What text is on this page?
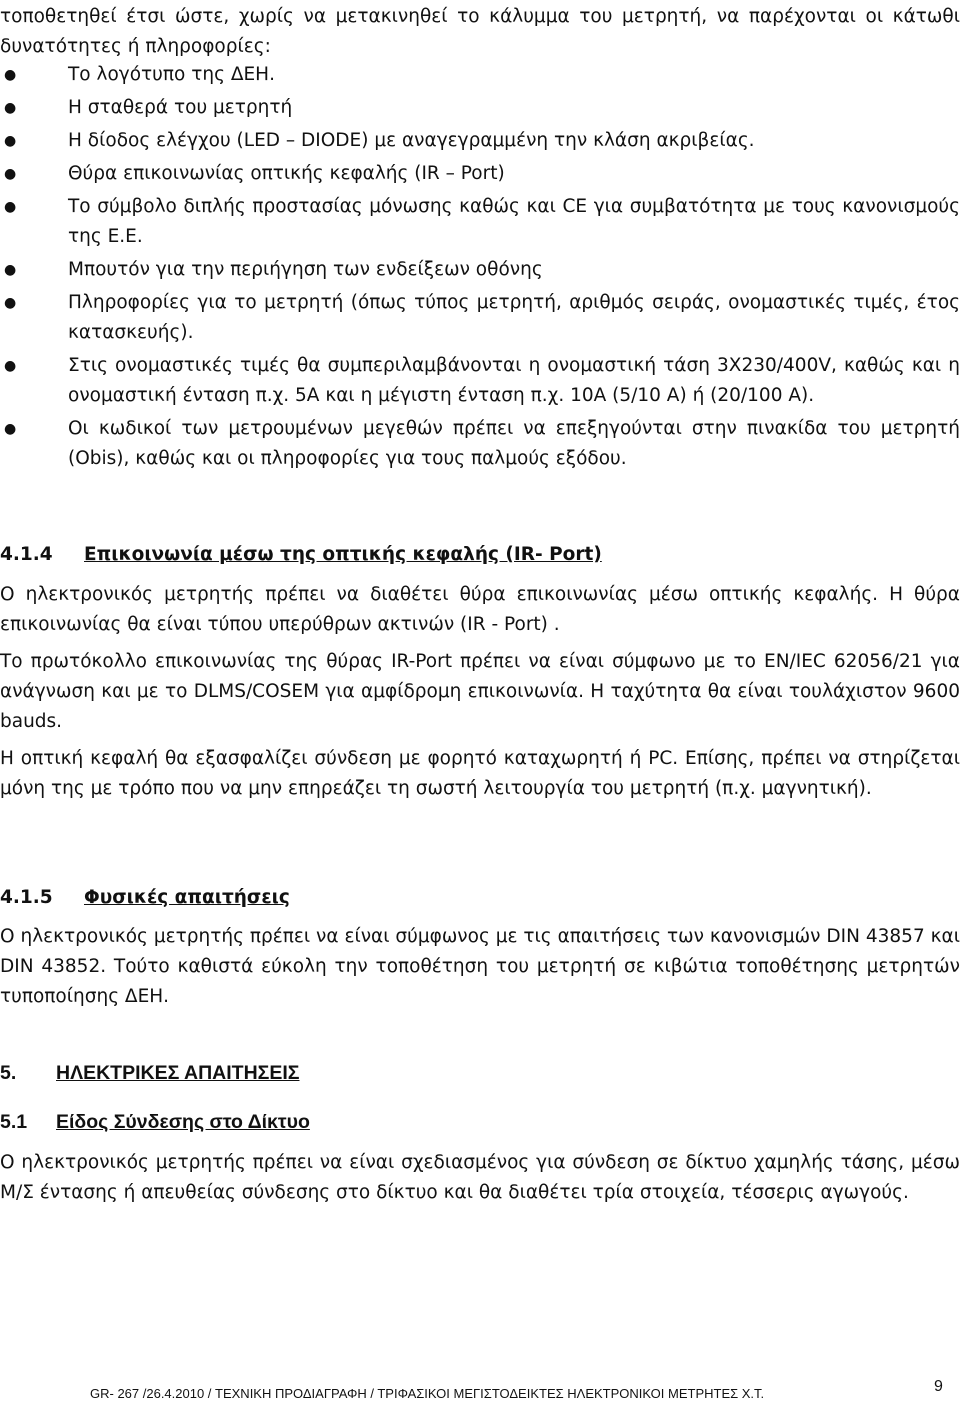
τοποθετηθεί έτσι ώστε, χωρίς να μετακινηθεί το κάλυμμα του μετρητή, να παρέχονται οι κάτωθι δυνατότητες ή πληροφορίες:

●	Το λογότυπο της ΔΕΗ.
●	Η σταθερά του μετρητή
●	Η δίοδος ελέγχου (LED – DIODE) με αναγεγραμμένη την κλάση ακριβείας.
●	Θύρα επικοινωνίας οπτικής κεφαλής (IR – Port)
●	Το σύμβολο διπλής προστασίας μόνωσης καθώς και CE για συμβατότητα με τους κανονισμούς της Ε.Ε.
●	Μπουτόν για την περιήγηση των ενδείξεων οθόνης
●	Πληροφορίες για το μετρητή (όπως τύπος μετρητή, αριθμός σειράς, ονομαστικές τιμές, έτος κατασκευής).
●	Στις ονομαστικές τιμές θα συμπεριλαμβάνονται η ονομαστική τάση 3X230/400V, καθώς και η ονομαστική ένταση π.χ. 5A και η μέγιστη ένταση π.χ. 10A (5/10 A) ή (20/100 A).
●	Οι κωδικοί των μετρουμένων μεγεθών πρέπει να επεξηγούνται στην πινακίδα του μετρητή (Obis), καθώς και οι πληροφορίες για τους παλμούς εξόδου.

4.1.4 Επικοινωνία μέσω της οπτικής κεφαλής (IR- Port)

Ο ηλεκτρονικός μετρητής πρέπει να διαθέτει θύρα επικοινωνίας μέσω οπτικής κεφαλής. Η θύρα επικοινωνίας θα είναι τύπου υπερύθρων ακτινών (IR - Port) .

Το πρωτόκολλο επικοινωνίας της θύρας IR-Port πρέπει να είναι σύμφωνο με το EN/IEC 62056/21 για ανάγνωση και με το DLMS/COSEM για αμφίδρομη επικοινωνία. Η ταχύτητα θα είναι τουλάχιστον 9600 bauds.

Η οπτική κεφαλή θα εξασφαλίζει σύνδεση με φορητό καταχωρητή ή PC. Επίσης, πρέπει να στηρίζεται μόνη της με τρόπο που να μην επηρεάζει τη σωστή λειτουργία του μετρητή (π.χ. μαγνητική).

4.1.5 Φυσικές απαιτήσεις

Ο ηλεκτρονικός μετρητής πρέπει να είναι σύμφωνος με τις απαιτήσεις των κανονισμών DIN 43857 και DIN 43852. Τούτο καθιστά εύκολη την τοποθέτηση του μετρητή σε κιβώτια τοποθέτησης μετρητών τυποποίησης ΔΕΗ.

5. ΗΛΕΚΤΡΙΚΕΣ ΑΠΑΙΤΗΣΕΙΣ

5.1 Είδος Σύνδεσης στο Δίκτυο

Ο ηλεκτρονικός μετρητής πρέπει να είναι σχεδιασμένος για σύνδεση σε δίκτυο χαμηλής τάσης, μέσω Μ/Σ έντασης ή απευθείας σύνδεσης στο δίκτυο και θα διαθέτει τρία στοιχεία, τέσσερις αγωγούς.

GR- 267 /26.4.2010 / ΤΕΧΝΙΚΗ ΠΡΟΔΙΑΓΡΑΦΗ / ΤΡΙΦΑΣΙΚΟΙ ΜΕΓΙΣΤΟΔΕΙΚΤΕΣ ΗΛΕΚΤΡΟΝΙΚΟΙ ΜΕΤΡΗΤΕΣ Χ.Τ.	9
